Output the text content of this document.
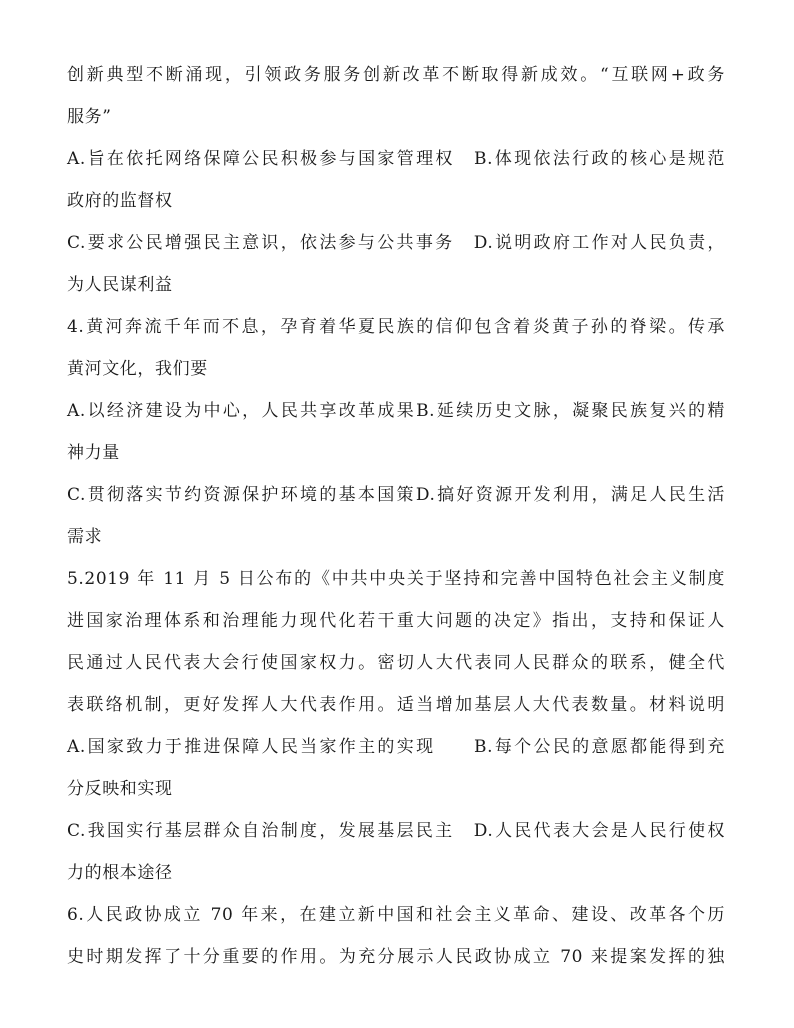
创新典型不断涌现，引领政务服务创新改革不断取得新成效。“互联网+政务
服务”
A.旨在依托网络保障公民积极参与国家管理权　B.体现依法行政的核心是规范
政府的监督权
C.要求公民增强民主意识，依法参与公共事务　D.说明政府工作对人民负责，
为人民谋利益
4.黄河奔流千年而不息，孕育着华夏民族的信仰包含着炎黄子孙的脊梁。传承
黄河文化，我们要
A.以经济建设为中心，人民共享改革成果B.延续历史文脉，凝聚民族复兴的精
神力量
C.贯彻落实节约资源保护环境的基本国策D.搞好资源开发利用，满足人民生活
需求
5.2019 年 11 月 5 日公布的《中共中央关于坚持和完善中国特色社会主义制度
进国家治理体系和治理能力现代化若干重大问题的决定》指出，支持和保证人
民通过人民代表大会行使国家权力。密切人大代表同人民群众的联系，健全代
表联络机制，更好发挥人大代表作用。适当增加基层人大代表数量。材料说明
A.国家致力于推进保障人民当家作主的实现　　B.每个公民的意愿都能得到充
分反映和实现
C.我国实行基层群众自治制度，发展基层民主　D.人民代表大会是人民行使权
力的根本途径
6.人民政协成立 70 年来，在建立新中国和社会主义革命、建设、改革各个历
史时期发挥了十分重要的作用。为充分展示人民政协成立 70 来提案发挥的独
